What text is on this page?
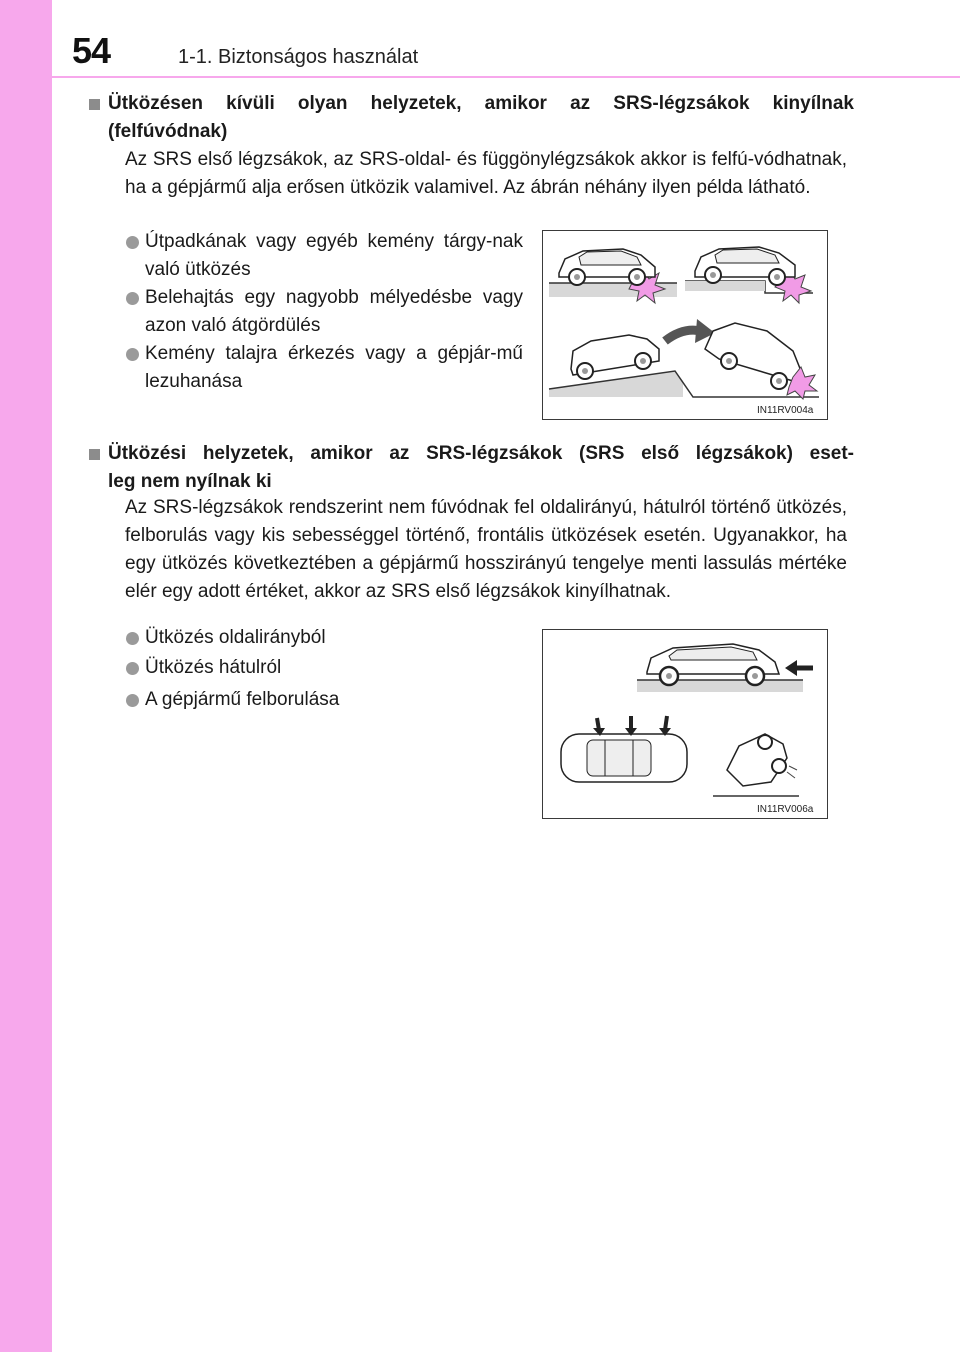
54	1-1. Biztonságos használat
Ütközésen kívüli olyan helyzetek, amikor az SRS-légzsákok kinyílnak
(felfúvódnak)
Az SRS első légzsákok, az SRS-oldal- és függönylégzsákok akkor is felfú-vódhatnak, ha a gépjármű alja erősen ütközik valamivel. Az ábrán néhány ilyen példa látható.
Útpadkának vagy egyéb kemény tárgy-nak való ütközés
Belehajtás egy nagyobb mélyedésbe vagy azon való átgördülés
Kemény talajra érkezés vagy a gépjár-mű lezuhanása
IN11RV004a
Ütközési helyzetek, amikor az SRS-légzsákok (SRS első légzsákok) eset-
leg nem nyílnak ki
Az SRS-légzsákok rendszerint nem fúvódnak fel oldalirányú, hátulról történő ütközés, felborulás vagy kis sebességgel történő, frontális ütközések esetén. Ugyanakkor, ha egy ütközés következtében a gépjármű hosszirányú tengelye menti lassulás mértéke elér egy adott értéket, akkor az SRS első légzsákok kinyílhatnak.
Ütközés oldalirányból
Ütközés hátulról
A gépjármű felborulása
IN11RV006a
